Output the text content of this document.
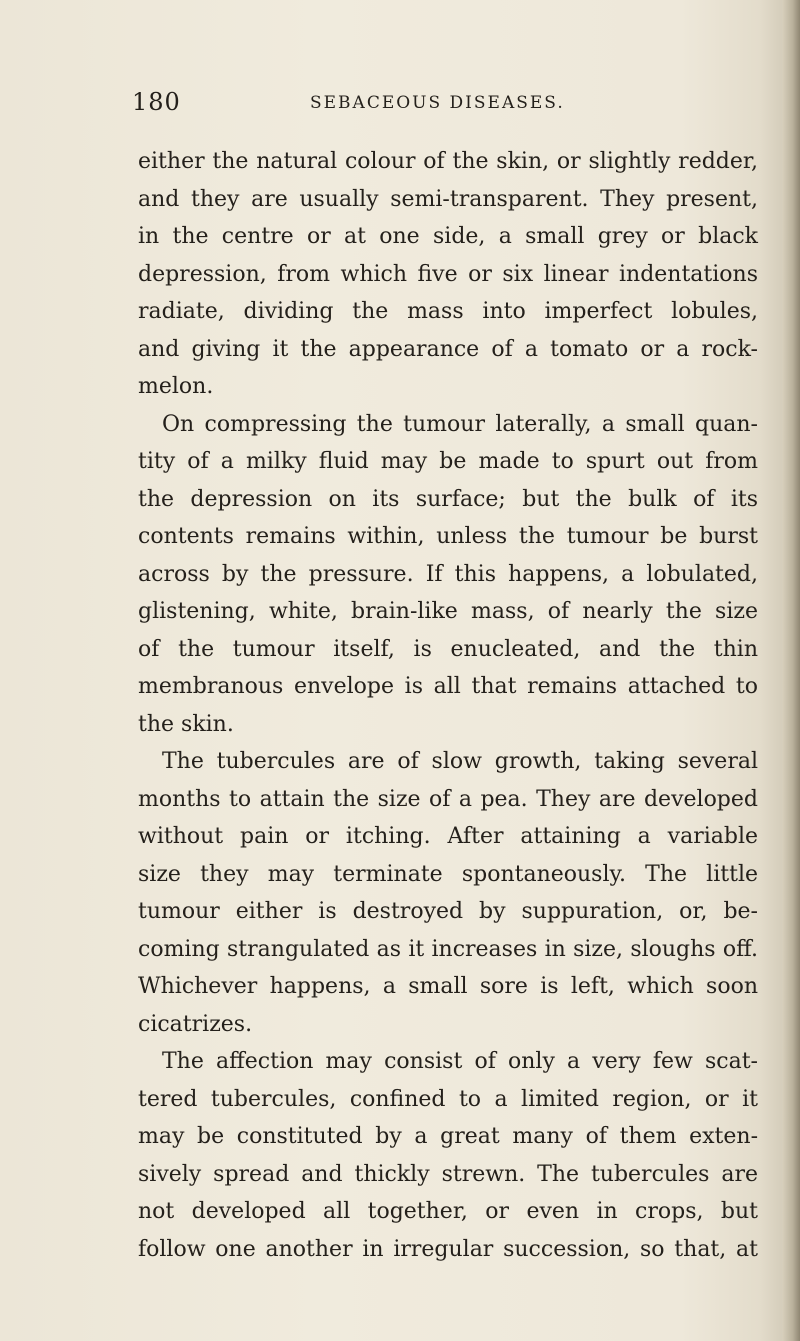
180	SEBACEOUS DISEASES.
either the natural colour of the skin, or slightly redder,
and they are usually semi-transparent. They present,
in the centre or at one side, a small grey or black
depression, from which five or six linear indentations
radiate, dividing the mass into imperfect lobules,
and giving it the appearance of a tomato or a rock-
melon.
On compressing the tumour laterally, a small quan-
tity of a milky fluid may be made to spurt out from
the depression on its surface; but the bulk of its
contents remains within, unless the tumour be burst
across by the pressure. If this happens, a lobulated,
glistening, white, brain-like mass, of nearly the size
of the tumour itself, is enucleated, and the thin
membranous envelope is all that remains attached to
the skin.
The tubercules are of slow growth, taking several
months to attain the size of a pea. They are developed
without pain or itching. After attaining a variable
size they may terminate spontaneously. The little
tumour either is destroyed by suppuration, or, be-
coming strangulated as it increases in size, sloughs off.
Whichever happens, a small sore is left, which soon
cicatrizes.
The affection may consist of only a very few scat-
tered tubercules, confined to a limited region, or it
may be constituted by a great many of them exten-
sively spread and thickly strewn. The tubercules are
not developed all together, or even in crops, but
follow one another in irregular succession, so that, at
